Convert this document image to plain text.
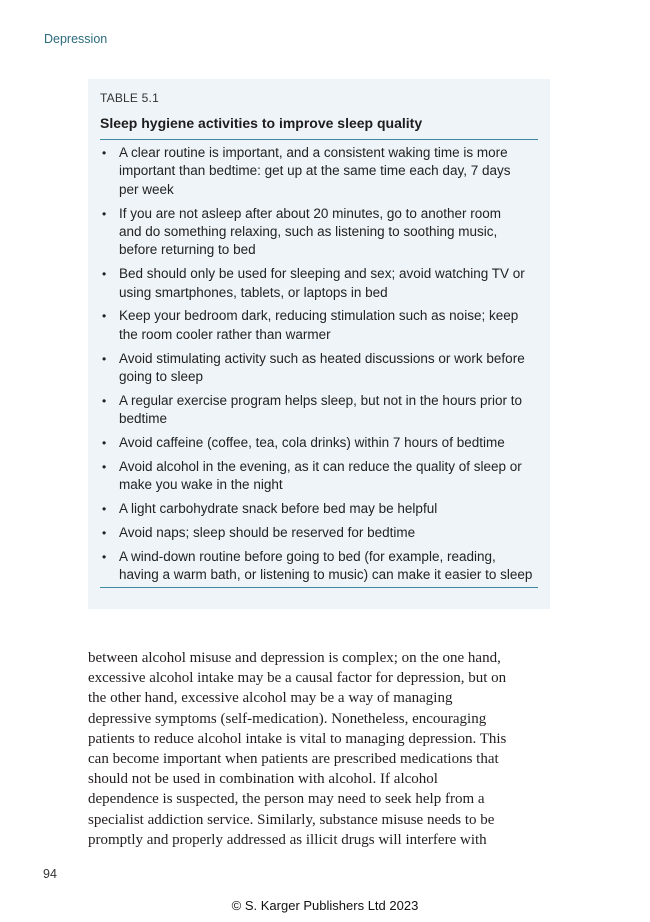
Depression
TABLE 5.1
Sleep hygiene activities to improve sleep quality
• A clear routine is important, and a consistent waking time is more
important than bedtime: get up at the same time each day, 7 days
per week
• If you are not asleep after about 20 minutes, go to another room
and do something relaxing, such as listening to soothing music,
before returning to bed
• Bed should only be used for sleeping and sex; avoid watching TV or
using smartphones, tablets, or laptops in bed
• Keep your bedroom dark, reducing stimulation such as noise; keep
the room cooler rather than warmer
• Avoid stimulating activity such as heated discussions or work before
going to sleep
• A regular exercise program helps sleep, but not in the hours prior to
bedtime
• Avoid caffeine (coffee, tea, cola drinks) within 7 hours of bedtime
• Avoid alcohol in the evening, as it can reduce the quality of sleep or
make you wake in the night
• A light carbohydrate snack before bed may be helpful
• Avoid naps; sleep should be reserved for bedtime
• A wind-down routine before going to bed (for example, reading,
having a warm bath, or listening to music) can make it easier to sleep

between alcohol misuse and depression is complex; on the one hand,
excessive alcohol intake may be a causal factor for depression, but on
the other hand, excessive alcohol may be a way of managing
depressive symptoms (self-medication). Nonetheless, encouraging
patients to reduce alcohol intake is vital to managing depression. This
can become important when patients are prescribed medications that
should not be used in combination with alcohol. If alcohol
dependence is suspected, the person may need to seek help from a
specialist addiction service. Similarly, substance misuse needs to be
promptly and properly addressed as illicit drugs will interfere with

94
© S. Karger Publishers Ltd 2023
